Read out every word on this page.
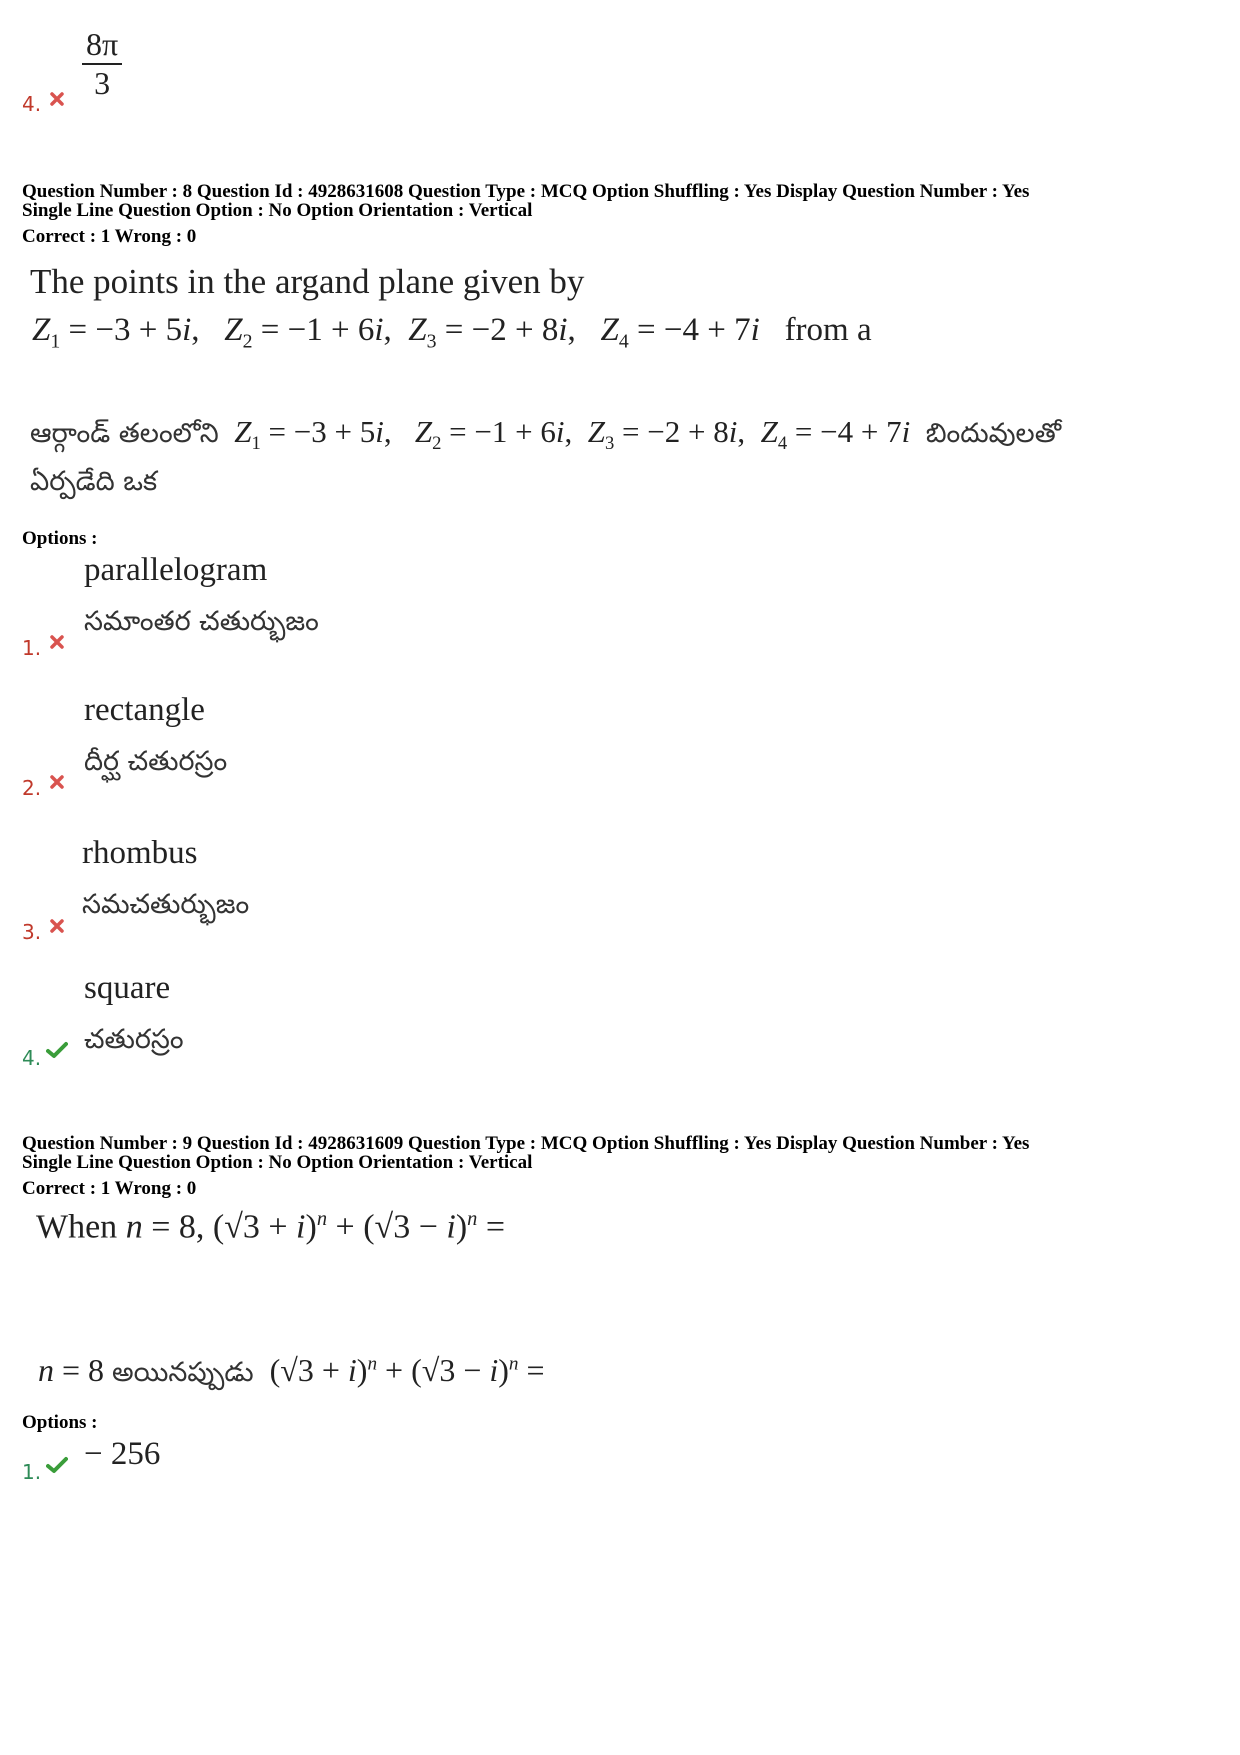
$\frac{8\pi}{3}$
4.
Question Number : 8 Question Id : 4928631608 Question Type : MCQ Option Shuffling : Yes Display Question Number : Yes
Single Line Question Option : No Option Orientation : Vertical
Correct : 1 Wrong : 0
The points in the argand plane given by
$Z_1 = -3 + 5i$,   $Z_2 = -1 + 6i$,  $Z_3 = -2 + 8i$,   $Z_4 = -4 + 7i$ from a
ఆర్గాండ్ తలంలోని $Z_1 = -3 + 5i$,   $Z_2 = -1 + 6i$,  $Z_3 = -2 + 8i$,  $Z_4 = -4 + 7i$ బిందువులతో
ఏర్పడేది ఒక
Options :
parallelogram
సమాంతర చతుర్భుజం
1.
rectangle
దీర్ఘ చతురస్రం
2.
rhombus
సమచతుర్భుజం
3.
square
చతురస్రం
4.
Question Number : 9 Question Id : 4928631609 Question Type : MCQ Option Shuffling : Yes Display Question Number : Yes
Single Line Question Option : No Option Orientation : Vertical
Correct : 1 Wrong : 0
When n = 8, $(√3 + i)^n + (√3 - i)^n$ =
n = 8 అయినప్పుడు  $(√3 + i)^n + (√3 - i)^n$ =
Options :
− 256
1.
